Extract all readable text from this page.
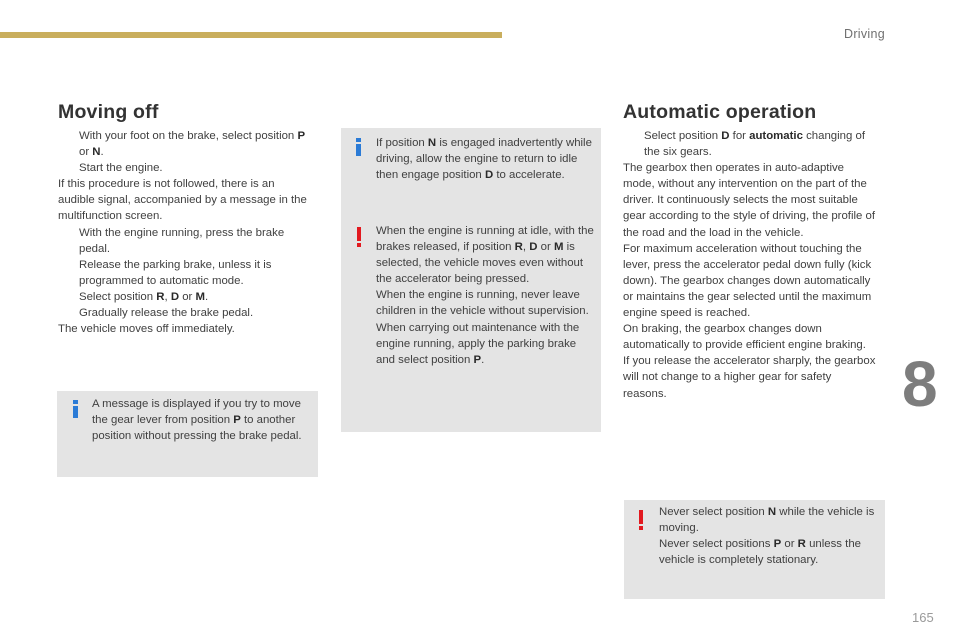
Driving
Moving off
With your foot on the brake, select position P or N.
Start the engine.
If this procedure is not followed, there is an audible signal, accompanied by a message in the multifunction screen.
With the engine running, press the brake pedal.
Release the parking brake, unless it is programmed to automatic mode.
Select position R, D or M.
Gradually release the brake pedal.
The vehicle moves off immediately.
A message is displayed if you try to move the gear lever from position P to another position without pressing the brake pedal.
If position N is engaged inadvertently while driving, allow the engine to return to idle then engage position D to accelerate.
When the engine is running at idle, with the brakes released, if position R, D or M is selected, the vehicle moves even without the accelerator being pressed.
When the engine is running, never leave children in the vehicle without supervision.
When carrying out maintenance with the engine running, apply the parking brake and select position P.
Automatic operation
Select position D for automatic changing of the six gears.
The gearbox then operates in auto-adaptive mode, without any intervention on the part of the driver. It continuously selects the most suitable gear according to the style of driving, the profile of the road and the load in the vehicle.
For maximum acceleration without touching the lever, press the accelerator pedal down fully (kick down). The gearbox changes down automatically or maintains the gear selected until the maximum engine speed is reached.
On braking, the gearbox changes down automatically to provide efficient engine braking.
If you release the accelerator sharply, the gearbox will not change to a higher gear for safety reasons.
Never select position N while the vehicle is moving.
Never select positions P or R unless the vehicle is completely stationary.
8
165
